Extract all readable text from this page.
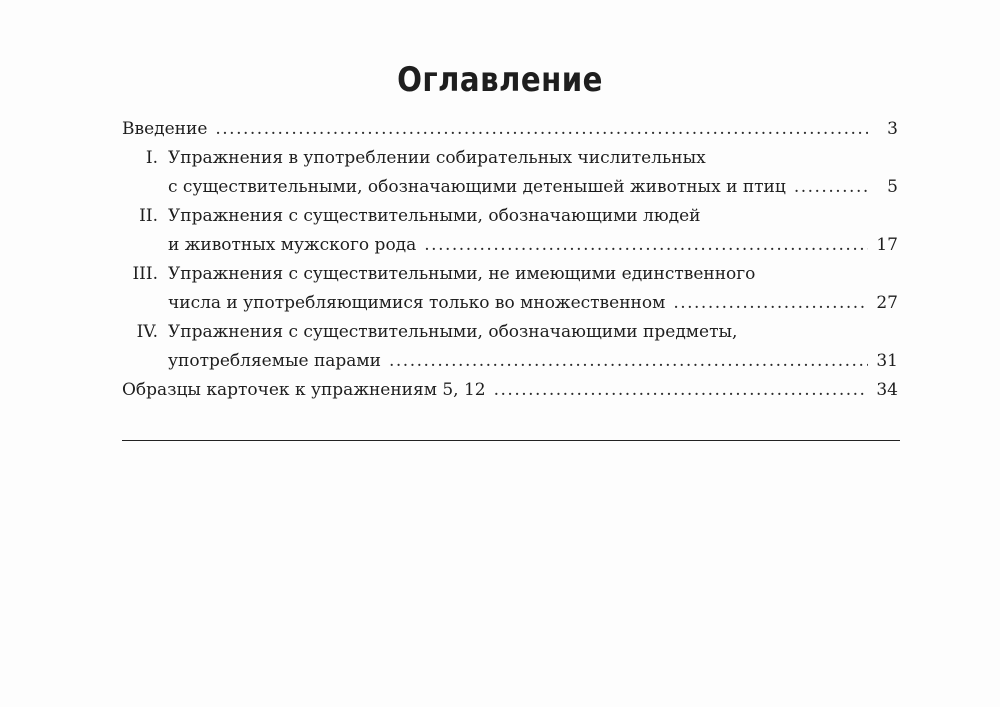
Оглавление
Введение .....	3
I. Упражнения в употреблении собирательных числительных
с существительными, обозначающими детенышей животных и птиц .....	5
II. Упражнения с существительными, обозначающими людей
и животных мужского рода .....	17
III. Упражнения с существительными, не имеющими единственного
числа и употребляющимися только во множественном .....	27
IV. Упражнения с существительными, обозначающими предметы,
употребляемые парами .....	31
Образцы карточек к упражнениям 5, 12 .....	34
